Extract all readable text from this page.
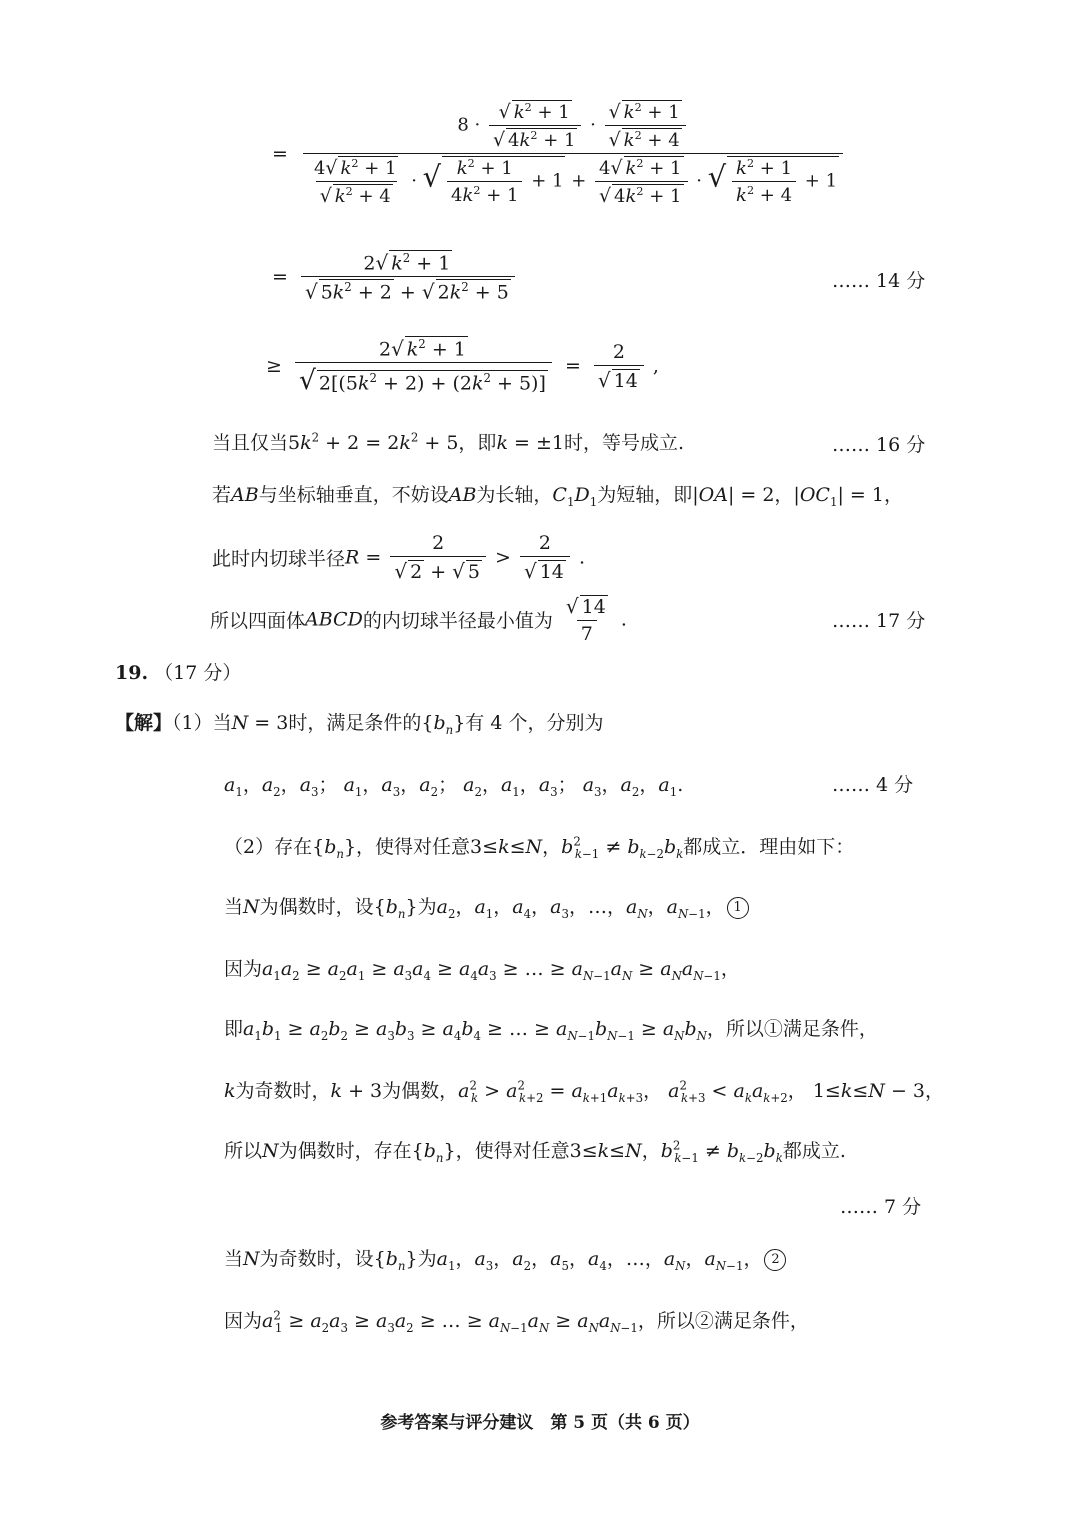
=
$8 \cdot \frac{√ k^2 + 1}{√ 4k^2 + 1} \cdot \frac{√ k^2 + 1}{√ k^2 + 4}$
$\frac{4√ k^2 + 1}{√ k^2 + 4}$ · √ $\frac{k^2 + 1}{4k^2 + 1} + 1 + \frac{4√ k^2 + 1}{√ 4k^2 + 1}$ · √ $\frac{k^2 + 1}{k^2 + 4} + 1$
= $\frac{2√ k^2 + 1}{√ 5k^2 + 2 + √ 2k^2 + 5}$	…… 14 分
≥ $\frac{2√ k^2 + 1}{√ 2[(5k^2 + 2) + (2k^2 + 5)]} = \frac{2}{√ 14}$ ,
当且仅当$5k^2 + 2 = 2k^2 + 5$，即k = ±1时，等号成立.	…… 16 分
若AB与坐标轴垂直，不妨设AB为长轴，$C_1D_1$为短轴，即|OA| = 2，$|OC_1| = 1$，
此时内切球半径$R = \frac{2}{√ 2 + √ 5} > \frac{2}{√ 14}$ .
所以四面体ABCD的内切球半径最小值为 $\frac{√ 14}{7}$ .	…… 17 分
19. （17 分）
【解】（1）当N = 3时，满足条件的$\{b_n\}$有 4 个，分别为
$a_1$，$a_2$，$a_3$； $a_1$，$a_3$，$a_2$； $a_2$，$a_1$，$a_3$； $a_3$，$a_2$，$a_1$.	…… 4 分
（2）存在$\{b_n\}$，使得对任意3≤k≤N，$b^2_{k-1} \ne b_{k-2}b_k$都成立．理由如下：
当N为偶数时，设$\{b_n\}$为$a_2$，$a_1$，$a_4$，$a_3$，…，$a_N$，$a_{N-1}$， 1
因为$a_1a_2 \ge a_2a_1 \ge a_3a_4 \ge a_4a_3$ ≥ … ≥ $a_{N-1}a_N \ge a_Na_{N-1}$，
即$a_1b_1 \ge a_2b_2 \ge a_3b_3 \ge a_4b_4$ ≥ … ≥ $a_{N-1}b_{N-1} \ge a_Nb_N$，所以①满足条件，
k为奇数时，k + 3为偶数，$a^2_k > a^2_{k+2} = a_{k+1}a_{k+3}$， $a^2_{k+3} < a_ka_{k+2}$， 1≤k≤N − 3，
所以N为偶数时，存在$\{b_n\}$，使得对任意3≤k≤N，$b^2_{k-1} \ne b_{k-2}b_k$都成立.
…… 7 分
当N为奇数时，设$\{b_n\}$为$a_1$，$a_3$，$a_2$，$a_5$，$a_4$，…，$a_N$，$a_{N-1}$， 2
因为$a^2_1 \ge a_2a_3 \ge a_3a_2$ ≥ … ≥ $a_{N-1}a_N \ge a_Na_{N-1}$，所以②满足条件，
参考答案与评分建议　第 5 页（共 6 页）
